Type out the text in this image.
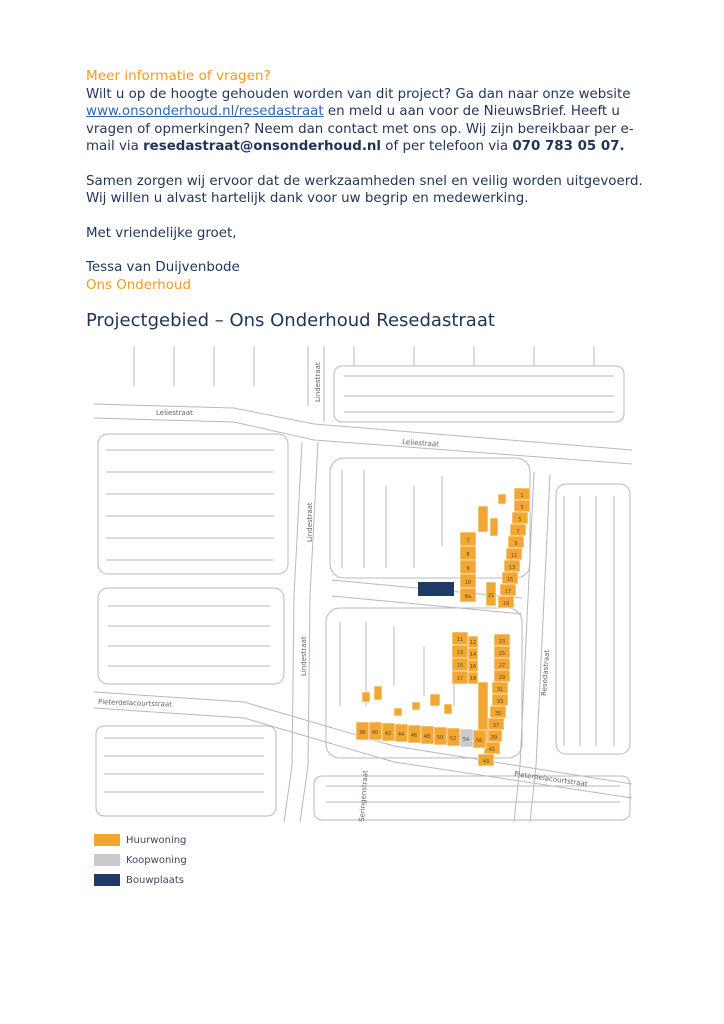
Meer informatie of vragen?

Wilt u op de hoogte gehouden worden van dit project? Ga dan naar onze website
www.onsonderhoud.nl/resedastraat en meld u aan voor de NieuwsBrief. Heeft u
vragen of opmerkingen? Neem dan contact met ons op. Wij zijn bereikbaar per e-
mail via resedastraat@onsonderhoud.nl of per telefoon via 070 783 05 07.

Samen zorgen wij ervoor dat de werkzaamheden snel en veilig worden uitgevoerd.
Wij willen u alvast hartelijk dank voor uw begrip en medewerking.

Met vriendelijke groet,

Tessa van Duijvenbode

Ons Onderhoud

Projectgebied – Ons Onderhoud Resedastraat
Leliestraat
Leliestraat
Lindestraat
Lindestraat
Lindestraat
Pieterdelacourtstraat
Pieterdelacourtstraat
Resedastraat
Seringenstraat
7
8
9
10
6a
1
3
5
7
9
11
13
15
17
19
21
11 12
13 14
15 16
17 18
23
25
27
29
31
33
35
37
39
41
43
38 40 42 44 46 48 50 52 54 56
Huurwoning
Koopwoning
Bouwplaats
